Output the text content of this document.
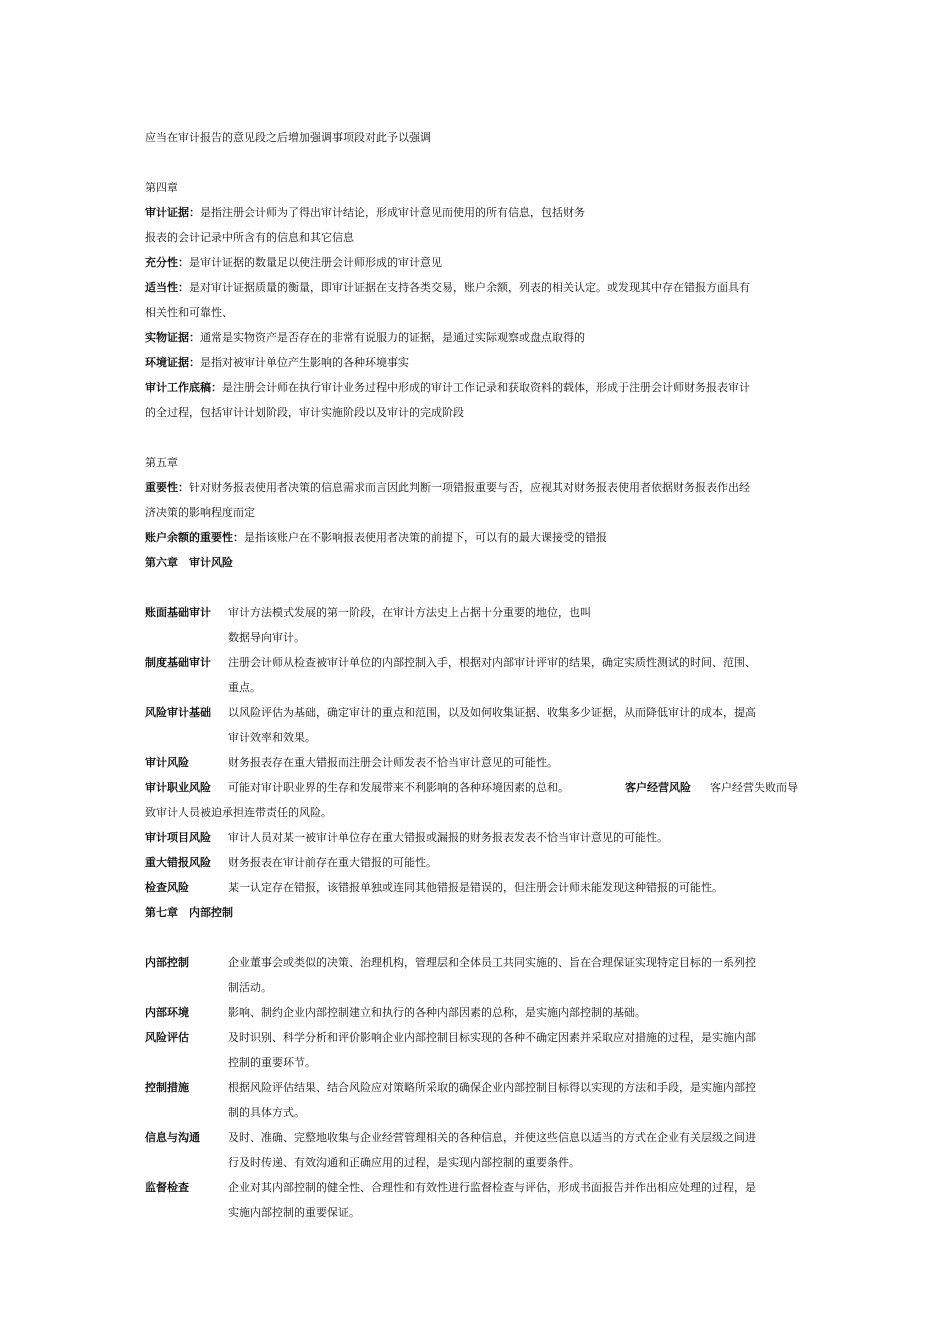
应当在审计报告的意见段之后增加强调事项段对此予以强调
第四章
审计证据：是指注册会计师为了得出审计结论，形成审计意见而使用的所有信息，包括财务
报表的会计记录中所含有的信息和其它信息
充分性：是审计证据的数量足以使注册会计师形成的审计意见
适当性：是对审计证据质量的衡量，即审计证据在支持各类交易，账户余额，列表的相关认定。或发现其中存在错报方面具有
相关性和可靠性、
实物证据：通常是实物资产是否存在的非常有说服力的证据，是通过实际观察或盘点取得的
环境证据：是指对被审计单位产生影响的各种环境事实
审计工作底稿：是注册会计师在执行审计业务过程中形成的审计工作记录和获取资料的载体，形成于注册会计师财务报表审计
的全过程，包括审计计划阶段，审计实施阶段以及审计的完成阶段
第五章
重要性：针对财务报表使用者决策的信息需求而言因此判断一项错报重要与否，应视其对财务报表使用者依据财务报表作出经
济决策的影响程度而定
账户余额的重要性：是指该账户在不影响报表使用者决策的前提下，可以有的最大课接受的错报
第六章　审计风险
账面基础审计 审计方法模式发展的第一阶段，在审计方法史上占据十分重要的地位，也叫
数据导向审计。
制度基础审计 注册会计师从检查被审计单位的内部控制入手，根据对内部审计评审的结果，确定实质性测试的时间、范围、
重点。
风险审计基础 以风险评估为基础，确定审计的重点和范围，以及如何收集证据、收集多少证据，从而降低审计的成本，提高
审计效率和效果。
审计风险	财务报表存在重大错报而注册会计师发表不恰当审计意见的可能性。
审计职业风险 可能对审计职业界的生存和发展带来不利影响的各种环境因素的总和。	客户经营风险 客户经营失败而导
致审计人员被迫承担连带责任的风险。
审计项目风险 审计人员对某一被审计单位存在重大错报或漏报的财务报表发表不恰当审计意见的可能性。
重大错报风险 财务报表在审计前存在重大错报的可能性。
检查风险	某一认定存在错报，该错报单独或连同其他错报是错误的，但注册会计师未能发现这种错报的可能性。
第七章　内部控制
内部控制	企业董事会或类似的决策、治理机构，管理层和全体员工共同实施的、旨在合理保证实现特定目标的一系列控
制活动。
内部环境	影响、制约企业内部控制建立和执行的各种内部因素的总称，是实施内部控制的基础。
风险评估	及时识别、科学分析和评价影响企业内部控制目标实现的各种不确定因素并采取应对措施的过程，是实施内部
控制的重要环节。
控制措施	根据风险评估结果、结合风险应对策略所采取的确保企业内部控制目标得以实现的方法和手段，是实施内部控
制的具体方式。
信息与沟通	及时、准确、完整地收集与企业经营管理相关的各种信息，并使这些信息以适当的方式在企业有关层级之间进
行及时传递、有效沟通和正确应用的过程，是实现内部控制的重要条件。
监督检查	企业对其内部控制的健全性、合理性和有效性进行监督检查与评估，形成书面报告并作出相应处理的过程，是
实施内部控制的重要保证。
